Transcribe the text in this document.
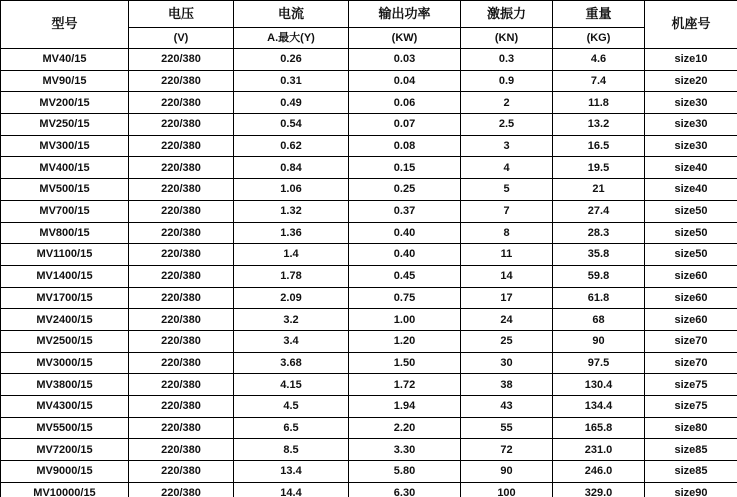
型号	电压	电流	输出功率	激振力	重量	机座号
	(V)	A.最大(Y)	(KW)	(KN)	(KG)	
MV40/15	220/380	0.26	0.03	0.3	4.6	size10
MV90/15	220/380	0.31	0.04	0.9	7.4	size20
MV200/15	220/380	0.49	0.06	2	11.8	size30
MV250/15	220/380	0.54	0.07	2.5	13.2	size30
MV300/15	220/380	0.62	0.08	3	16.5	size30
MV400/15	220/380	0.84	0.15	4	19.5	size40
MV500/15	220/380	1.06	0.25	5	21	size40
MV700/15	220/380	1.32	0.37	7	27.4	size50
MV800/15	220/380	1.36	0.40	8	28.3	size50
MV1100/15	220/380	1.4	0.40	11	35.8	size50
MV1400/15	220/380	1.78	0.45	14	59.8	size60
MV1700/15	220/380	2.09	0.75	17	61.8	size60
MV2400/15	220/380	3.2	1.00	24	68	size60
MV2500/15	220/380	3.4	1.20	25	90	size70
MV3000/15	220/380	3.68	1.50	30	97.5	size70
MV3800/15	220/380	4.15	1.72	38	130.4	size75
MV4300/15	220/380	4.5	1.94	43	134.4	size75
MV5500/15	220/380	6.5	2.20	55	165.8	size80
MV7200/15	220/380	8.5	3.30	72	231.0	size85
MV9000/15	220/380	13.4	5.80	90	246.0	size85
MV10000/15	220/380	14.4	6.30	100	329.0	size90
